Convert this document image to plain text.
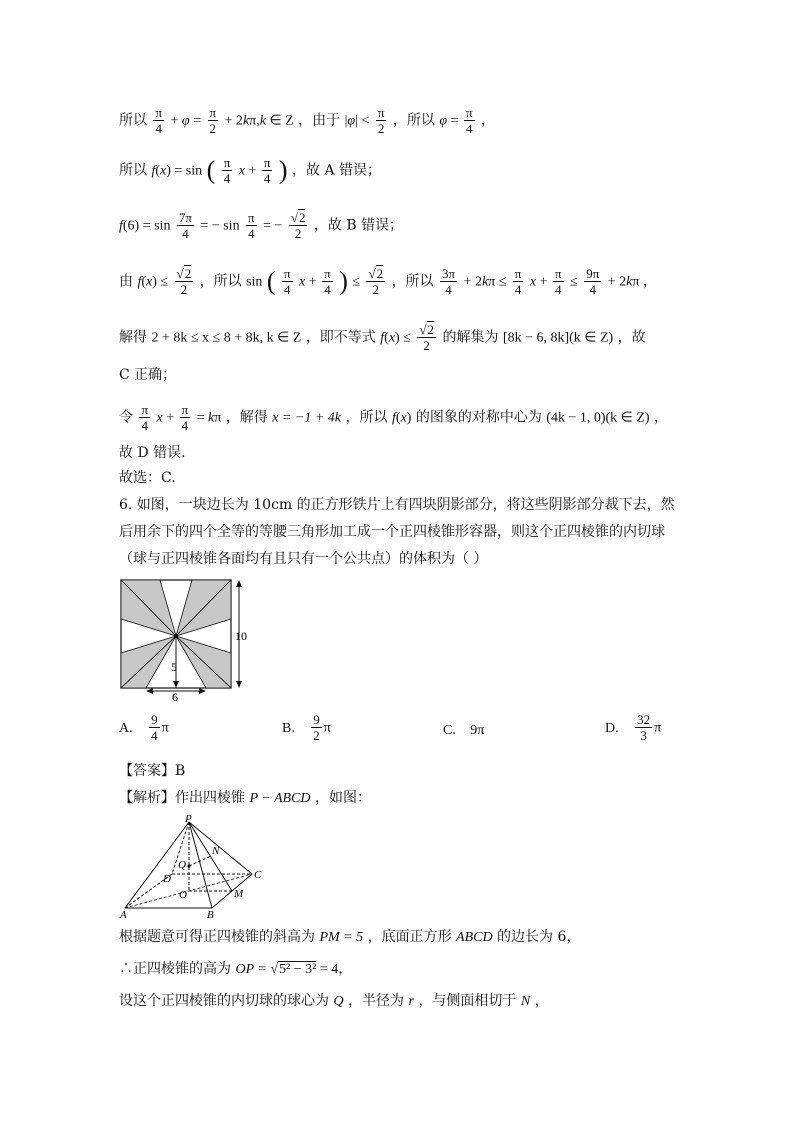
所以 $\frac{\pi}{4} + \varphi = \frac{\pi}{2} + 2k\pi,k$ ∈ Z ，由于 $|\varphi| < \frac{\pi}{2}$ ，所以 $\varphi = \frac{\pi}{4}$ ，
所以 f(x) = sin ( $\frac{\pi}{4}$ $x + \frac{\pi}{4}$ ) ，故 A 错误；
$f(6) = \sin \frac{7\pi}{4}$ = − $\sin \frac{\pi}{4}$ = − $\frac{√2}{2}$ ，故 B 错误；
由 $f(x) \le \frac{√2}{2}$ ，所以 sin ( $\frac{\pi}{4}$ $x + \frac{\pi}{4}$ ) ≤ $\frac{√2}{2}$ ，所以 $\frac{3\pi}{4} + 2k\pi \le \frac{\pi}{4}$ $x + \frac{\pi}{4} \le \frac{9\pi}{4} + 2k\pi$ ，
解得 2 + 8k ≤ x ≤ 8 + 8k, k ∈ Z ，即不等式 $f(x) \le \frac{√2}{2}$ 的解集为 [8k − 6, 8k](k ∈ Z) ，故
C 正确；
令 $\frac{\pi}{4}$ $x + \frac{\pi}{4} = k\pi$ ，解得 x = −1 + 4k ，所以 f(x) 的图象的对称中心为 (4k − 1, 0)(k ∈ Z) ，
故 D 错误.
故选：C.
6. 如图，一块边长为 10cm 的正方形铁片上有四块阴影部分，将这些阴影部分裁下去，然
后用余下的四个全等的等腰三角形加工成一个正四棱锥形容器，则这个正四棱锥的内切球
（球与正四棱锥各面均有且只有一个公共点）的体积为（ ）
5
6
10
A. $\frac{9}{4}$ π	B. $\frac{9}{2}$ π	C. 9π	D. $\frac{32}{3}$ π
【答案】B
【解析】作出四棱锥 P − ABCD ，如图：
P
N
Q
D	C
O	M
A	B
根据题意可得正四棱锥的斜高为 PM = 5 ，底面正方形 ABCD 的边长为 6，
∴正四棱锥的高为 OP = √5² − 3² = 4，
设这个正四棱锥的内切球的球心为 Q ，半径为 r ，与侧面相切于 N ，
